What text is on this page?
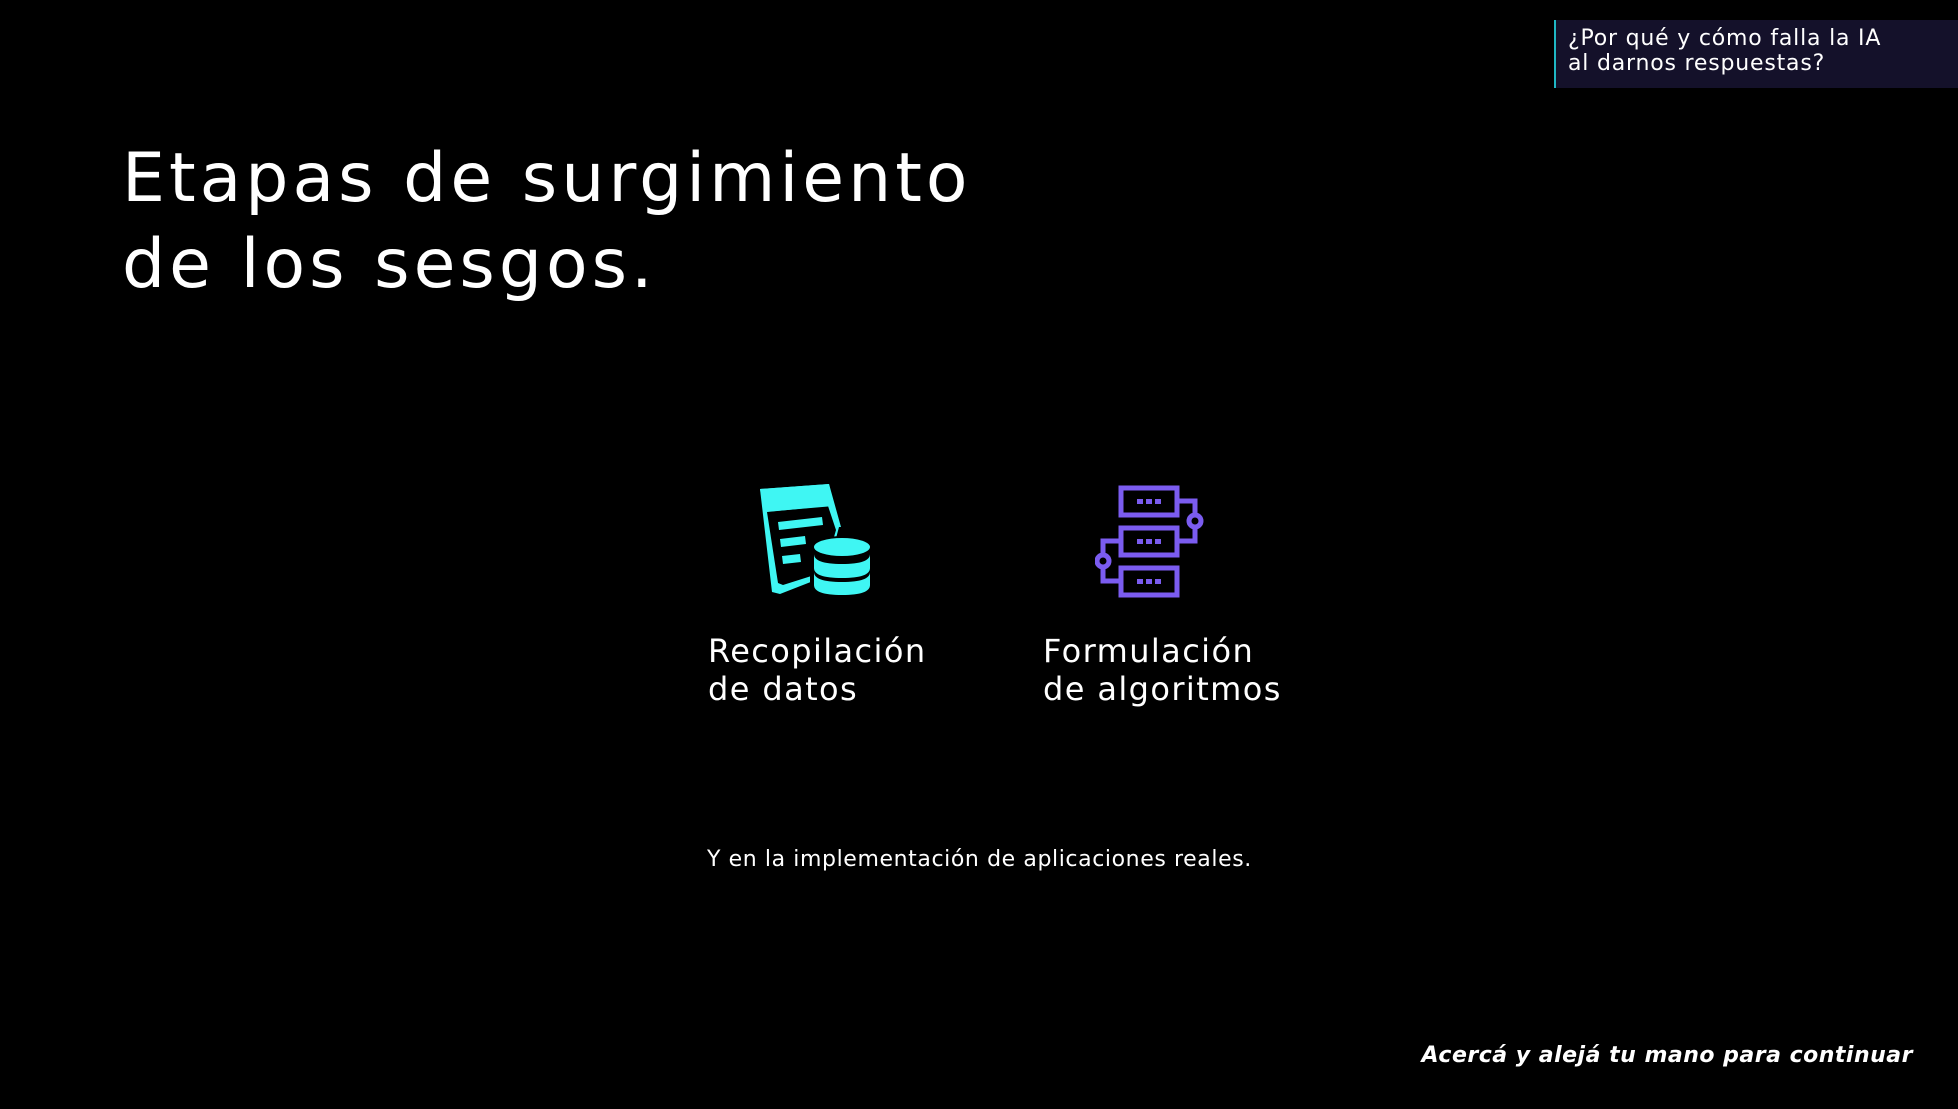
¿Por qué y cómo falla la IA
al darnos respuestas?
Etapas de surgimiento
de los sesgos.
Recopilación
de datos
Formulación
de algoritmos
Y en la implementación de aplicaciones reales.
Acercá y alejá tu mano para continuar
